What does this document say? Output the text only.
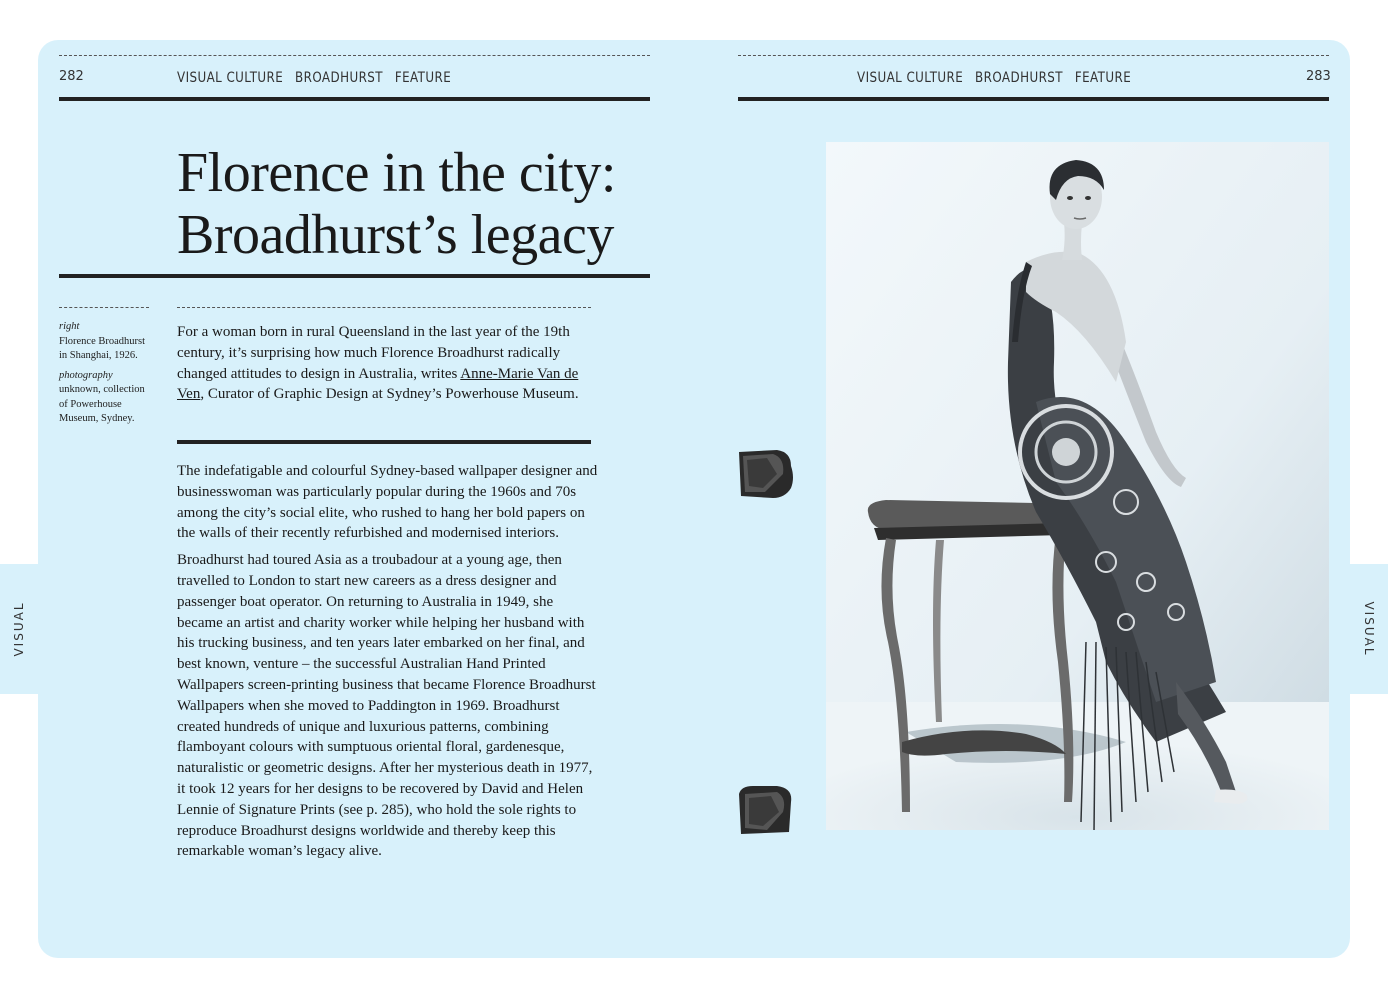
VISUAL	VISUAL
282	VISUAL CULTURE BROADHURST FEATURE	VISUAL CULTURE BROADHURST FEATURE	283
Florence in the city:
Broadhurst’s legacy

right
Florence Broadhurst in Shanghai, 1926.

photography
unknown, collection of Powerhouse Museum, Sydney.

For a woman born in rural Queensland in the last year of the 19th century, it’s surprising how much Florence Broadhurst radically changed attitudes to design in Australia, writes Anne-Marie Van de Ven, Curator of Graphic Design at Sydney’s Powerhouse Museum.

The indefatigable and colourful Sydney-based wallpaper designer and businesswoman was particularly popular during the 1960s and 70s among the city’s social elite, who rushed to hang her bold papers on the walls of their recently refurbished and modernised interiors.

Broadhurst had toured Asia as a troubadour at a young age, then travelled to London to start new careers as a dress designer and passenger boat operator. On returning to Australia in 1949, she became an artist and charity worker while helping her husband with his trucking business, and ten years later embarked on her final, and best known, venture – the successful Australian Hand Printed Wallpapers screen-printing business that became Florence Broadhurst Wallpapers when she moved to Paddington in 1969. Broadhurst created hundreds of unique and luxurious patterns, combining flamboyant colours with sumptuous oriental floral, gardenesque, naturalistic or geometric designs. After her mysterious death in 1977, it took 12 years for her designs to be recovered by David and Helen Lennie of Signature Prints (see p. 285), who hold the sole rights to reproduce Broadhurst designs worldwide and thereby keep this remarkable woman’s legacy alive.
